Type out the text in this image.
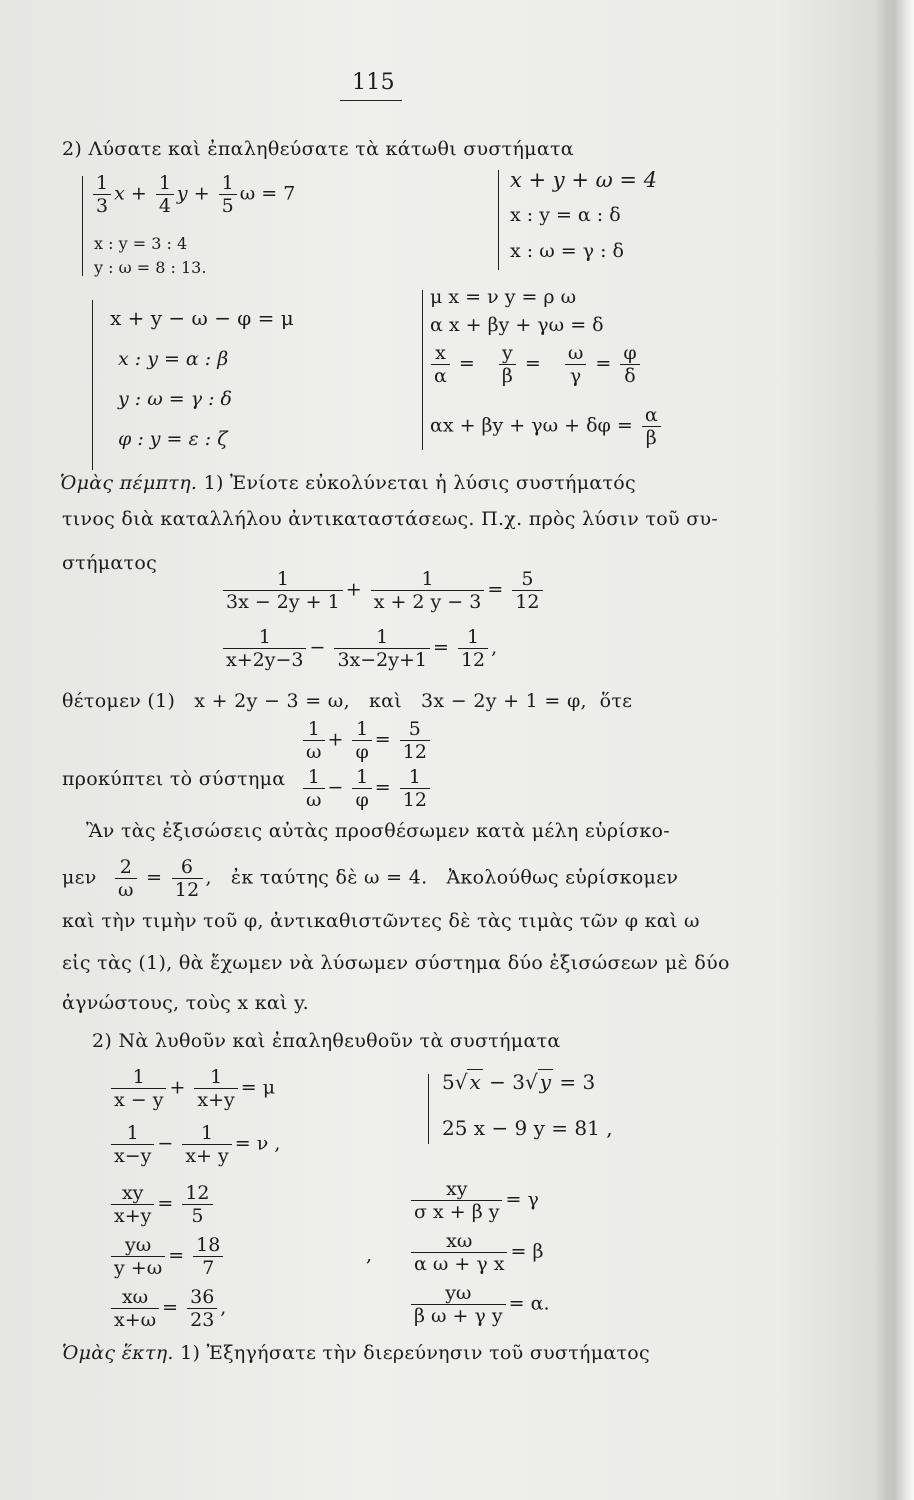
115
2) Λύσατε καὶ ἐπαληθεύσατε τὰ κάτωθι συστήματα
$\frac{1}{3}$ $x + \frac{1}{4}$ $y + \frac{1}{5}$ ω = 7
x : y = 3 : 4
y : ω = 8 : 13.
x + y + ω = 4
x : y = α : δ
x : ω = γ : δ
x + y − ω − φ = μ
x : y = α : β
y : ω = γ : δ
φ : y = ε : ζ
μ x = ν y = ρ ω
α x + βy + γω = δ
$\frac{x}{\alpha} = \frac{y}{\beta} = \frac{\omega}{\gamma} = \frac{\varphi}{\delta}$
$\alpha x + \beta y + \gamma\omega + \delta\varphi = \frac{\alpha}{\beta}$
Ὁμὰς πέμπτη. 1) Ἐνίοτε εὐκολύνεται ἡ λύσις συστήματός
τινος διὰ καταλλήλου ἀντικαταστάσεως. Π.χ. πρὸς λύσιν τοῦ συ-
στήματος
$\frac{1}{3x - 2y + 1} + \frac{1}{x + 2 y - 3} = \frac{5}{12}$
$\frac{1}{x+2y-3} - \frac{1}{3x-2y+1} = \frac{1}{12}$ ,
θέτομεν (1) x + 2y − 3 = ω, καὶ 3x − 2y + 1 = φ, ὅτε
$\frac{1}{\omega} + \frac{1}{\varphi} = \frac{5}{12}$
προκύπτει τὸ σύστημα $\frac{1}{\omega} - \frac{1}{\varphi} = \frac{1}{12}$
Ἂν τὰς ἐξισώσεις αὐτὰς προσθέσωμεν κατὰ μέλη εὑρίσκο-
μεν $\frac{2}{\omega} = \frac{6}{12}$ , ἐκ ταύτης δὲ ω = 4. Ἀκολούθως εὑρίσκομεν
καὶ τὴν τιμὴν τοῦ φ, ἀντικαθιστῶντες δὲ τὰς τιμὰς τῶν φ καὶ ω
εἰς τὰς (1), θὰ ἔχωμεν νὰ λύσωμεν σύστημα δύο ἐξισώσεων μὲ δύο
ἀγνώστους, τοὺς x καὶ y.
2) Νὰ λυθοῦν καὶ ἐπαληθευθοῦν τὰ συστήματα
$\frac{1}{x - y} + \frac{1}{x+y} = \mu$
$\frac{1}{x-y} - \frac{1}{x+ y} = \nu$ ,
5√ x − 3√ y = 3
25 x − 9 y = 81 ,
$\frac{xy}{x+y} = \frac{12}{5}$
$\frac{y\omega}{y +\omega} = \frac{18}{7}$
$\frac{x\omega}{x+\omega} = \frac{36}{23}$ ,
,
$\frac{xy}{\text{σ x + β y}} = \gamma$
$\frac{x\omega}{\text{α ω + γ x}} = \beta$
$\frac{y\omega}{\text{β ω + γ y}} = \alpha$.
Ὁμὰς ἕκτη. 1) Ἐξηγήσατε τὴν διερεύνησιν τοῦ συστήματος
